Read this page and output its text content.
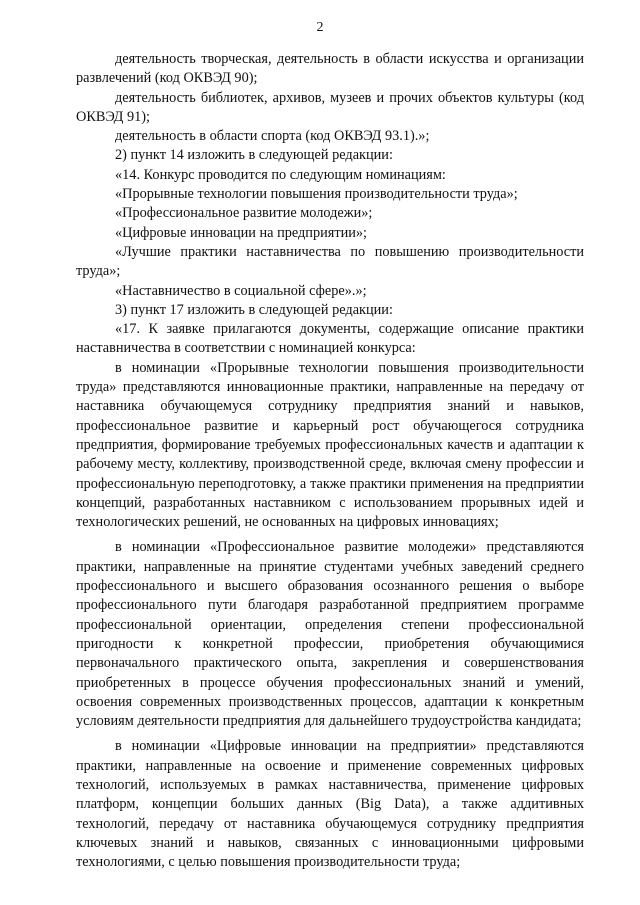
2

деятельность творческая, деятельность в области искусства и организации развлечений (код ОКВЭД 90);

деятельность библиотек, архивов, музеев и прочих объектов культуры (код ОКВЭД 91);

деятельность в области спорта (код ОКВЭД 93.1).»;

2) пункт 14 изложить в следующей редакции:

«14. Конкурс проводится по следующим номинациям:

«Прорывные технологии повышения производительности труда»;

«Профессиональное развитие молодежи»;

«Цифровые инновации на предприятии»;

«Лучшие практики наставничества по повышению производительности труда»;

«Наставничество в социальной сфере».»;

3) пункт 17 изложить в следующей редакции:

«17. К заявке прилагаются документы, содержащие описание практики наставничества в соответствии с номинацией конкурса:

в номинации «Прорывные технологии повышения производительности труда» представляются инновационные практики, направленные на передачу от наставника обучающемуся сотруднику предприятия знаний и навыков, профессиональное развитие и карьерный рост обучающегося сотрудника предприятия, формирование требуемых профессиональных качеств и адаптации к рабочему месту, коллективу, производственной среде, включая смену профессии и профессиональную переподготовку, а также практики применения на предприятии концепций, разработанных наставником с использованием прорывных идей и технологических решений, не основанных на цифровых инновациях;

в номинации «Профессиональное развитие молодежи» представляются практики, направленные на принятие студентами учебных заведений среднего профессионального и высшего образования осознанного решения о выборе профессионального пути благодаря разработанной предприятием программе профессиональной ориентации, определения степени профессиональной пригодности к конкретной профессии, приобретения обучающимися первоначального практического опыта, закрепления и совершенствования приобретенных в процессе обучения профессиональных знаний и умений, освоения современных производственных процессов, адаптации к конкретным условиям деятельности предприятия для дальнейшего трудоустройства кандидата;

в номинации «Цифровые инновации на предприятии» представляются практики, направленные на освоение и применение современных цифровых технологий, используемых в рамках наставничества, применение цифровых платформ, концепции больших данных (Big Data), а также аддитивных технологий, передачу от наставника обучающемуся сотруднику предприятия ключевых знаний и навыков, связанных с инновационными цифровыми технологиями, с целью повышения производительности труда;
